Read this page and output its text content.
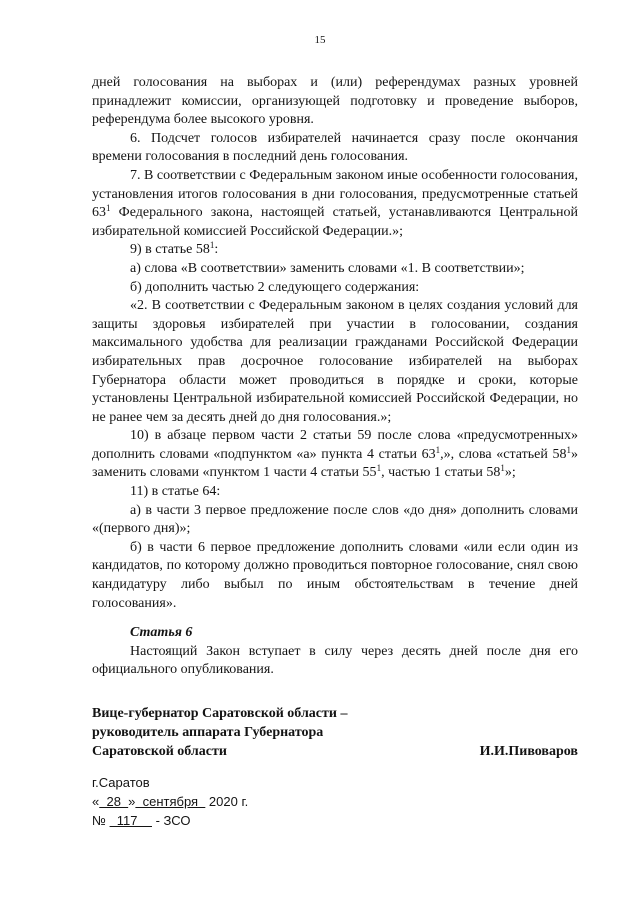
15

дней голосования на выборах и (или) референдумах разных уровней принадлежит комиссии, организующей подготовку и проведение выборов, референдума более высокого уровня.

6. Подсчет голосов избирателей начинается сразу после окончания времени голосования в последний день голосования.

7. В соответствии с Федеральным законом иные особенности голосования, установления итогов голосования в дни голосования, предусмотренные статьей $63^1$ Федерального закона, настоящей статьей, устанавливаются Центральной избирательной комиссией Российской Федерации.»;

9) в статье $58^1$:

а) слова «В соответствии» заменить словами «1. В соответствии»;

б) дополнить частью 2 следующего содержания:

«2. В соответствии с Федеральным законом в целях создания условий для защиты здоровья избирателей при участии в голосовании, создания максимального удобства для реализации гражданами Российской Федерации избирательных прав досрочное голосование избирателей на выборах Губернатора области может проводиться в порядке и сроки, которые установлены Центральной избирательной комиссией Российской Федерации, но не ранее чем за десять дней до дня голосования.»;

10) в абзаце первом части 2 статьи 59 после слова «предусмотренных» дополнить словами «подпунктом «а» пункта 4 статьи $63^1$,», слова «статьей $58^1$» заменить словами «пунктом 1 части 4 статьи $55^1$, частью 1 статьи $58^1$»;

11) в статье 64:

а) в части 3 первое предложение после слов «до дня» дополнить словами «(первого дня)»;

б) в части 6 первое предложение дополнить словами «или если один из кандидатов, по которому должно проводиться повторное голосование, снял свою кандидатуру либо выбыл по иным обстоятельствам в течение дней голосования».

Статья 6

Настоящий Закон вступает в силу через десять дней после дня его официального опубликования.

Вице-губернатор Саратовской области –
руководитель аппарата Губернатора
Саратовской области	И.И.Пивоваров
г.Саратов
«  28  »  сентября   2020 г.
№   117     - ЗСО
